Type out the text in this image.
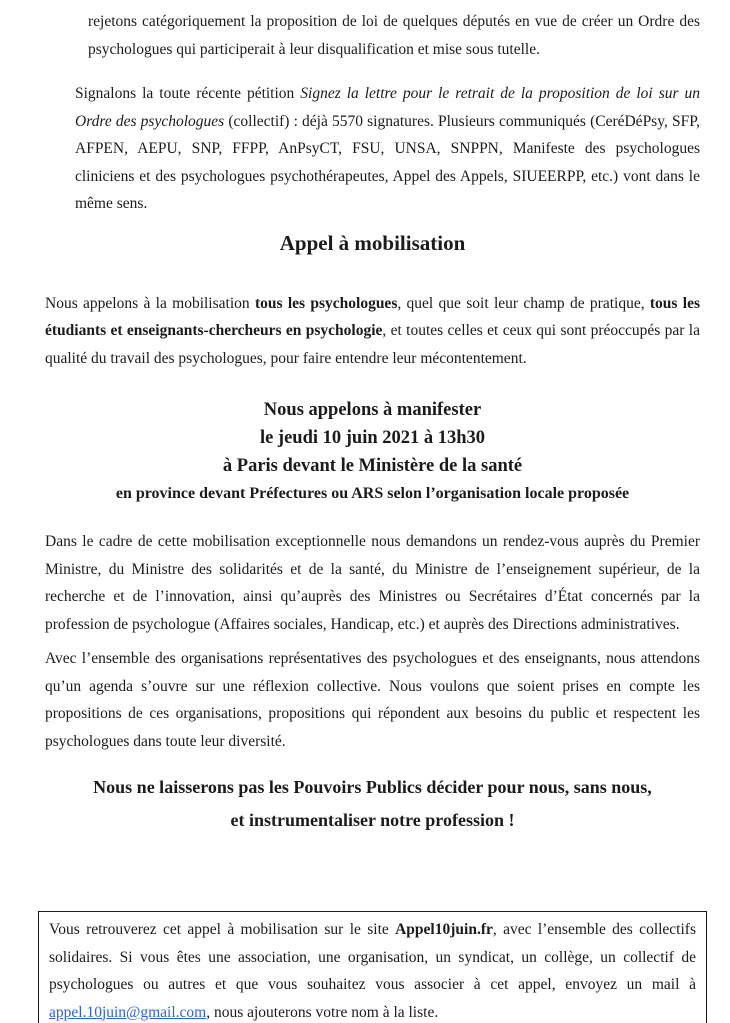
rejetons catégoriquement la proposition de loi de quelques députés en vue de créer un Ordre des psychologues qui participerait à leur disqualification et mise sous tutelle.

Signalons la toute récente pétition Signez la lettre pour le retrait de la proposition de loi sur un Ordre des psychologues (collectif) : déjà 5570 signatures. Plusieurs communiqués (CeréDéPsy, SFP, AFPEN, AEPU, SNP, FFPP, AnPsyCT, FSU, UNSA, SNPPN, Manifeste des psychologues cliniciens et des psychologues psychothérapeutes, Appel des Appels, SIUEERPP, etc.) vont dans le même sens.

Appel à mobilisation

Nous appelons à la mobilisation tous les psychologues, quel que soit leur champ de pratique, tous les étudiants et enseignants-chercheurs en psychologie, et toutes celles et ceux qui sont préoccupés par la qualité du travail des psychologues, pour faire entendre leur mécontentement.

Nous appelons à manifester
le jeudi 10 juin 2021 à 13h30
à Paris devant le Ministère de la santé
en province devant Préfectures ou ARS selon l’organisation locale proposée

Dans le cadre de cette mobilisation exceptionnelle nous demandons un rendez-vous auprès du Premier Ministre, du Ministre des solidarités et de la santé, du Ministre de l’enseignement supérieur, de la recherche et de l’innovation, ainsi qu’auprès des Ministres ou Secrétaires d’État concernés par la profession de psychologue (Affaires sociales, Handicap, etc.) et auprès des Directions administratives.

Avec l’ensemble des organisations représentatives des psychologues et des enseignants, nous attendons qu’un agenda s’ouvre sur une réflexion collective. Nous voulons que soient prises en compte les propositions de ces organisations, propositions qui répondent aux besoins du public et respectent les psychologues dans toute leur diversité.

Nous ne laisserons pas les Pouvoirs Publics décider pour nous, sans nous,
et instrumentaliser notre profession !
Vous retrouverez cet appel à mobilisation sur le site Appel10juin.fr, avec l’ensemble des collectifs solidaires. Si vous êtes une association, une organisation, un syndicat, un collège, un collectif de psychologues ou autres et que vous souhaitez vous associer à cet appel, envoyez un mail à appel.10juin@gmail.com, nous ajouterons votre nom à la liste.
